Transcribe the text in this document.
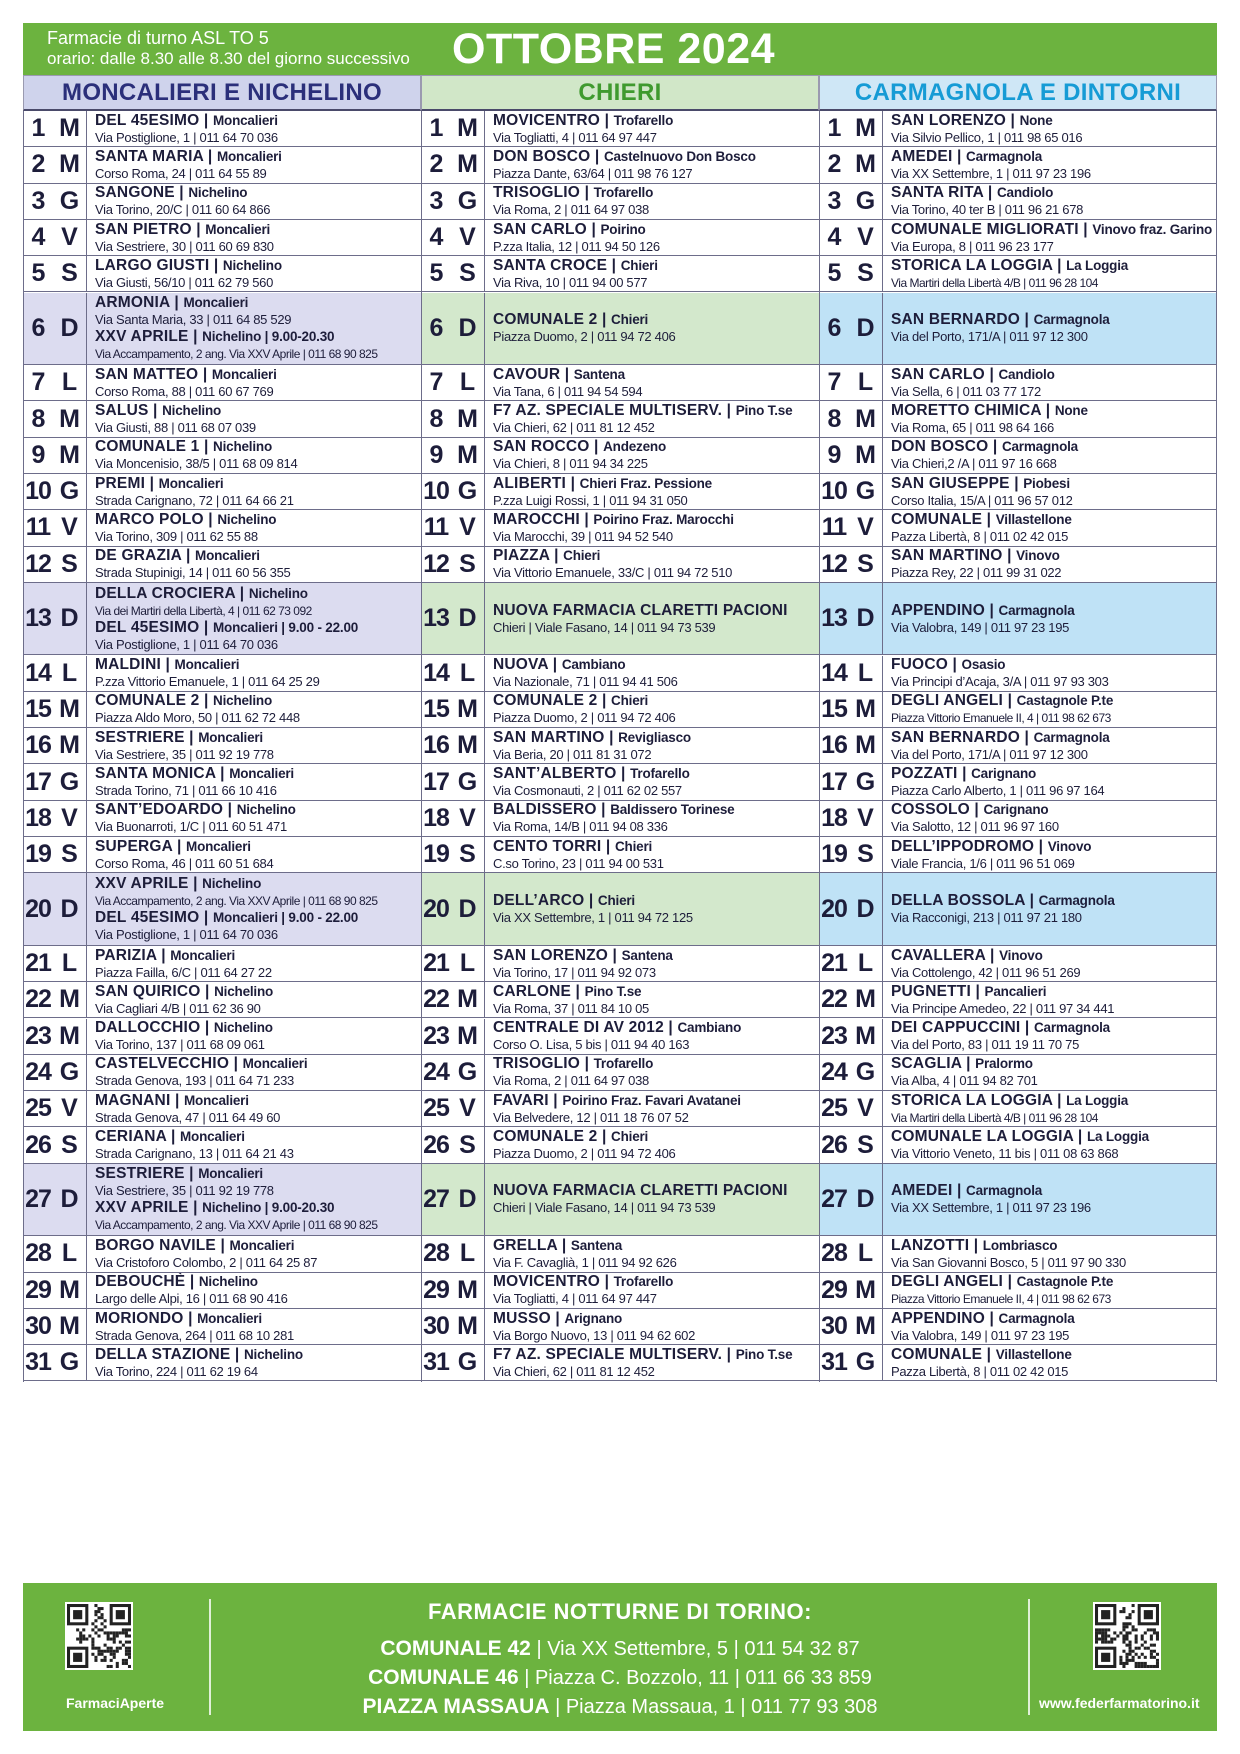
Farmacie di turno ASL TO 5
orario: dalle 8.30 alle 8.30 del giorno successivo OTTOBRE 2024
MONCALIERI E NICHELINO
1 M DEL 45ESIMO | Moncalieri
Via Postiglione, 1 | 011 64 70 036
2 M SANTA MARIA | Moncalieri
Corso Roma, 24 | 011 64 55 89
3 G	SANGONE | Nichelino
Via Torino, 20/C | 011 60 64 866
4 V	SAN PIETRO | Moncalieri
Via Sestriere, 30 | 011 60 69 830
5 S	LARGO GIUSTI | Nichelino
Via Giusti, 56/10 | 011 62 79 560
6 D
ARMONIA | Moncalieri
Via Santa Maria, 33 | 011 64 85 529
XXV APRILE | Nichelino | 9.00-20.30
Via Accampamento, 2 ang. Via XXV Aprile | 011 68 90 825
7 L	SAN MATTEO | Moncalieri
Corso Roma, 88 | 011 60 67 769
8 M SALUS | Nichelino
Via Giusti, 88 | 011 68 07 039
9 M COMUNALE 1 | Nichelino
Via Moncenisio, 38/5 | 011 68 09 814
10 G	PREMI | Moncalieri
Strada Carignano, 72 | 011 64 66 21
11 V	MARCO POLO | Nichelino
Via Torino, 309 | 011 62 55 88
12 S	DE GRAZIA | Moncalieri
Strada Stupinigi, 14 | 011 60 56 355
13 D
DELLA CROCIERA | Nichelino
Via dei Martiri della Libertà, 4 | 011 62 73 092
DEL 45ESIMO | Moncalieri | 9.00 - 22.00
Via Postiglione, 1 | 011 64 70 036
14 L	MALDINI | Moncalieri
P.zza Vittorio Emanuele, 1 | 011 64 25 29
15 M COMUNALE 2 | Nichelino
Piazza Aldo Moro, 50 | 011 62 72 448
16 M SESTRIERE | Moncalieri
Via Sestriere, 35 | 011 92 19 778
17 G	SANTA MONICA | Moncalieri
Strada Torino, 71 | 011 66 10 416
18 V	SANT’EDOARDO | Nichelino
Via Buonarroti, 1/C | 011 60 51 471
19 S	SUPERGA | Moncalieri
Corso Roma, 46 | 011 60 51 684
20 D
XXV APRILE | Nichelino
Via Accampamento, 2 ang. Via XXV Aprile | 011 68 90 825
DEL 45ESIMO | Moncalieri | 9.00 - 22.00
Via Postiglione, 1 | 011 64 70 036
21 L	PARIZIA | Moncalieri
Piazza Failla, 6/C | 011 64 27 22
22 M SAN QUIRICO | Nichelino
Via Cagliari 4/B | 011 62 36 90
23 M DALLOCCHIO | Nichelino
Via Torino, 137 | 011 68 09 061
24 G	CASTELVECCHIO | Moncalieri
Strada Genova, 193 | 011 64 71 233
25 V	MAGNANI | Moncalieri
Strada Genova, 47 | 011 64 49 60
26 S	CERIANA | Moncalieri
Strada Carignano, 13 | 011 64 21 43
27 D
SESTRIERE | Moncalieri
Via Sestriere, 35 | 011 92 19 778
XXV APRILE | Nichelino | 9.00-20.30
Via Accampamento, 2 ang. Via XXV Aprile | 011 68 90 825
28 L	BORGO NAVILE | Moncalieri
Via Cristoforo Colombo, 2 | 011 64 25 87
29 M DEBOUCHÈ | Nichelino
Largo delle Alpi, 16 | 011 68 90 416
30 M MORIONDO | Moncalieri
Strada Genova, 264 | 011 68 10 281
31 G	DELLA STAZIONE | Nichelino
Via Torino, 224 | 011 62 19 64
CHIERI
1 M MOVICENTRO | Trofarello
Via Togliatti, 4 | 011 64 97 447
2 M DON BOSCO | Castelnuovo Don Bosco
Piazza Dante, 63/64 | 011 98 76 127
3 G	TRISOGLIO | Trofarello
Via Roma, 2 | 011 64 97 038
4 V	SAN CARLO | Poirino
P.zza Italia, 12 | 011 94 50 126
5 S	SANTA CROCE | Chieri
Via Riva, 10 | 011 94 00 577
6 D	COMUNALE 2 | Chieri
Piazza Duomo, 2 | 011 94 72 406
7 L	CAVOUR | Santena
Via Tana, 6 | 011 94 54 594
8 M F7 AZ. SPECIALE MULTISERV. | Pino T.se
Via Chieri, 62 | 011 81 12 452
9 M SAN ROCCO | Andezeno
Via Chieri, 8 | 011 94 34 225
10 G	ALIBERTI | Chieri Fraz. Pessione
P.zza Luigi Rossi, 1 | 011 94 31 050
11 V	MAROCCHI | Poirino Fraz. Marocchi
Via Marocchi, 39 | 011 94 52 540
12 S	PIAZZA | Chieri
Via Vittorio Emanuele, 33/C | 011 94 72 510
13 D	NUOVA FARMACIA CLARETTI PACIONI
Chieri | Viale Fasano, 14 | 011 94 73 539
14 L	NUOVA | Cambiano
Via Nazionale, 71 | 011 94 41 506
15 M COMUNALE 2 | Chieri
Piazza Duomo, 2 | 011 94 72 406
16 M SAN MARTINO | Revigliasco
Via Beria, 20 | 011 81 31 072
17 G	SANT’ALBERTO | Trofarello
Via Cosmonauti, 2 | 011 62 02 557
18 V	BALDISSERO | Baldissero Torinese
Via Roma, 14/B | 011 94 08 336
19 S	CENTO TORRI | Chieri
C.so Torino, 23 | 011 94 00 531
20 D	DELL’ARCO | Chieri
Via XX Settembre, 1 | 011 94 72 125
21 L	SAN LORENZO | Santena
Via Torino, 17 | 011 94 92 073
22 M CARLONE | Pino T.se
Via Roma, 37 | 011 84 10 05
23 M CENTRALE DI AV 2012 | Cambiano
Corso O. Lisa, 5 bis | 011 94 40 163
24 G	TRISOGLIO | Trofarello
Via Roma, 2 | 011 64 97 038
25 V	FAVARI | Poirino Fraz. Favari Avatanei
Via Belvedere, 12 | 011 18 76 07 52
26 S	COMUNALE 2 | Chieri
Piazza Duomo, 2 | 011 94 72 406
27 D	NUOVA FARMACIA CLARETTI PACIONI
Chieri | Viale Fasano, 14 | 011 94 73 539
28 L	GRELLA | Santena
Via F. Cavaglià, 1 | 011 94 92 626
29 M MOVICENTRO | Trofarello
Via Togliatti, 4 | 011 64 97 447
30 M MUSSO | Arignano
Via Borgo Nuovo, 13 | 011 94 62 602
31 G	F7 AZ. SPECIALE MULTISERV. | Pino T.se
Via Chieri, 62 | 011 81 12 452
CARMAGNOLA E DINTORNI
1 M SAN LORENZO | None
Via Silvio Pellico, 1 | 011 98 65 016
2 M AMEDEI | Carmagnola
Via XX Settembre, 1 | 011 97 23 196
3 G	SANTA RITA | Candiolo
Via Torino, 40 ter B | 011 96 21 678
4 V	COMUNALE MIGLIORATI | Vinovo fraz. Garino
Via Europa, 8 | 011 96 23 177
5 S	STORICA LA LOGGIA | La Loggia
Via Martiri della Libertà 4/B | 011 96 28 104
6 D	SAN BERNARDO | Carmagnola
Via del Porto, 171/A | 011 97 12 300
7 L	SAN CARLO | Candiolo
Via Sella, 6 | 011 03 77 172
8 M MORETTO CHIMICA | None
Via Roma, 65 | 011 98 64 166
9 M DON BOSCO | Carmagnola
Via Chieri,2 /A | 011 97 16 668
10 G	SAN GIUSEPPE | Piobesi
Corso Italia, 15/A | 011 96 57 012
11 V	COMUNALE | Villastellone
Pazza Libertà, 8 | 011 02 42 015
12 S	SAN MARTINO | Vinovo
Piazza Rey, 22 | 011 99 31 022
13 D	APPENDINO | Carmagnola
Via Valobra, 149 | 011 97 23 195
14 L	FUOCO | Osasio
Via Principi d’Acaja, 3/A | 011 97 93 303
15 M DEGLI ANGELI | Castagnole P.te
Piazza Vittorio Emanuele II, 4 | 011 98 62 673
16 M SAN BERNARDO | Carmagnola
Via del Porto, 171/A | 011 97 12 300
17 G	POZZATI | Carignano
Piazza Carlo Alberto, 1 | 011 96 97 164
18 V	COSSOLO | Carignano
Via Salotto, 12 | 011 96 97 160
19 S	DELL’IPPODROMO | Vinovo
Viale Francia, 1/6 | 011 96 51 069
20 D	DELLA BOSSOLA | Carmagnola
Via Racconigi, 213 | 011 97 21 180
21 L	CAVALLERA | Vinovo
Via Cottolengo, 42 | 011 96 51 269
22 M PUGNETTI | Pancalieri
Via Principe Amedeo, 22 | 011 97 34 441
23 M DEI CAPPUCCINI | Carmagnola
Via del Porto, 83 | 011 19 11 70 75
24 G	SCAGLIA | Pralormo
Via Alba, 4 | 011 94 82 701
25 V	STORICA LA LOGGIA | La Loggia
Via Martiri della Libertà 4/B | 011 96 28 104
26 S	COMUNALE LA LOGGIA | La Loggia
Via Vittorio Veneto, 11 bis | 011 08 63 868
27 D	AMEDEI | Carmagnola
Via XX Settembre, 1 | 011 97 23 196
28 L	LANZOTTI | Lombriasco
Via San Giovanni Bosco, 5 | 011 97 90 330
29 M DEGLI ANGELI | Castagnole P.te
Piazza Vittorio Emanuele II, 4 | 011 98 62 673
30 M APPENDINO | Carmagnola
Via Valobra, 149 | 011 97 23 195
31 G	COMUNALE | Villastellone
Pazza Libertà, 8 | 011 02 42 015
FarmaciAperte
FARMACIE NOTTURNE DI TORINO:
COMUNALE 42 | Via XX Settembre, 5 | 011 54 32 87
COMUNALE 46 | Piazza C. Bozzolo, 11 | 011 66 33 859
PIAZZA MASSAUA | Piazza Massaua, 1 | 011 77 93 308	www.federfarmatorino.it
